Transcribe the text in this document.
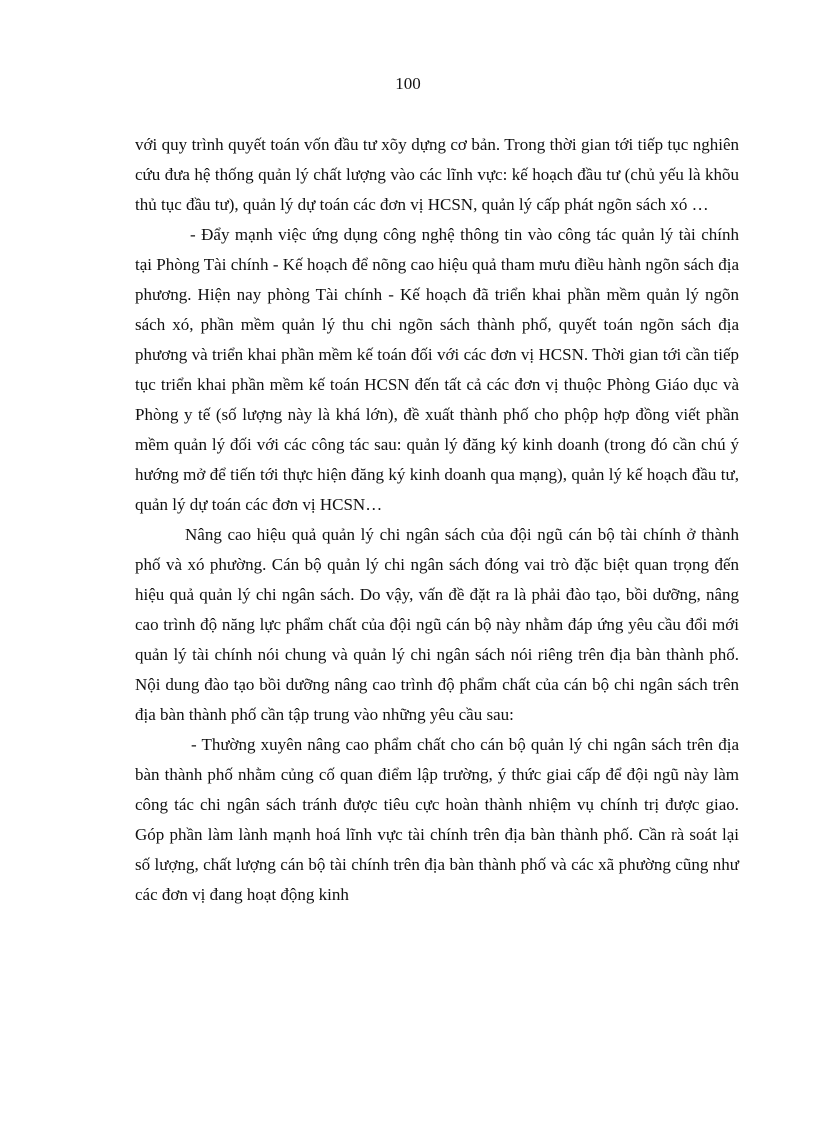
100

với quy trình quyết toán vốn đầu tư xõy dựng cơ bản. Trong thời gian tới tiếp tục nghiên cứu đưa hệ thống quản lý chất lượng vào các lĩnh vực: kế hoạch đầu tư (chủ yếu là khõu thủ tục đầu tư), quản lý dự toán các đơn vị HCSN, quản lý cấp phát ngõn sách xó …

- Đẩy mạnh việc ứng dụng công nghệ thông tin vào công tác quản lý tài chính tại Phòng Tài chính - Kế hoạch để nõng cao hiệu quả tham mưu điều hành ngõn sách địa phương. Hiện nay phòng Tài chính - Kế hoạch đã triển khai phần mềm quản lý ngõn sách xó, phần mềm quản lý thu chi ngõn sách thành phố, quyết toán ngõn sách địa phương và triển khai phần mềm kế toán đối với các đơn vị HCSN. Thời gian tới cần tiếp tục triển khai phần mềm kế toán HCSN đến tất cả các đơn vị thuộc Phòng Giáo dục và Phòng y tế (số lượng này là khá lớn), đề xuất thành phố cho phộp hợp đồng viết phần mềm quản lý đối với các công tác sau: quản lý đăng ký kinh doanh (trong đó cần chú ý hướng mở để tiến tới thực hiện đăng ký kinh doanh qua mạng), quản lý kế hoạch đầu tư, quản lý dự toán các đơn vị HCSN…

Nâng cao hiệu quả quản lý chi ngân sách của đội ngũ cán bộ tài chính ở thành phố và xó phường. Cán bộ quản lý chi ngân sách đóng vai trò đặc biệt quan trọng đến hiệu quả quản lý chi ngân sách. Do vậy, vấn đề đặt ra là phải đào tạo, bồi dưỡng, nâng cao trình độ năng lực phẩm chất của đội ngũ cán bộ này nhằm đáp ứng yêu cầu đổi mới quản lý tài chính nói chung và quản lý chi ngân sách nói riêng trên địa bàn thành phố. Nội dung đào tạo bồi dưỡng nâng cao trình độ phẩm chất của cán bộ chi ngân sách trên địa bàn thành phố cần tập trung vào những yêu cầu sau:

- Thường xuyên nâng cao phẩm chất cho cán bộ quản lý chi ngân sách trên địa bàn thành phố nhằm củng cố quan điểm lập trường, ý thức giai cấp để đội ngũ này làm công tác chi ngân sách tránh được tiêu cực hoàn thành nhiệm vụ chính trị được giao. Góp phần làm lành mạnh hoá lĩnh vực tài chính trên địa bàn thành phố. Cần rà soát lại số lượng, chất lượng cán bộ tài chính trên địa bàn thành phố và các xã phường cũng như các đơn vị đang hoạt động kinh
